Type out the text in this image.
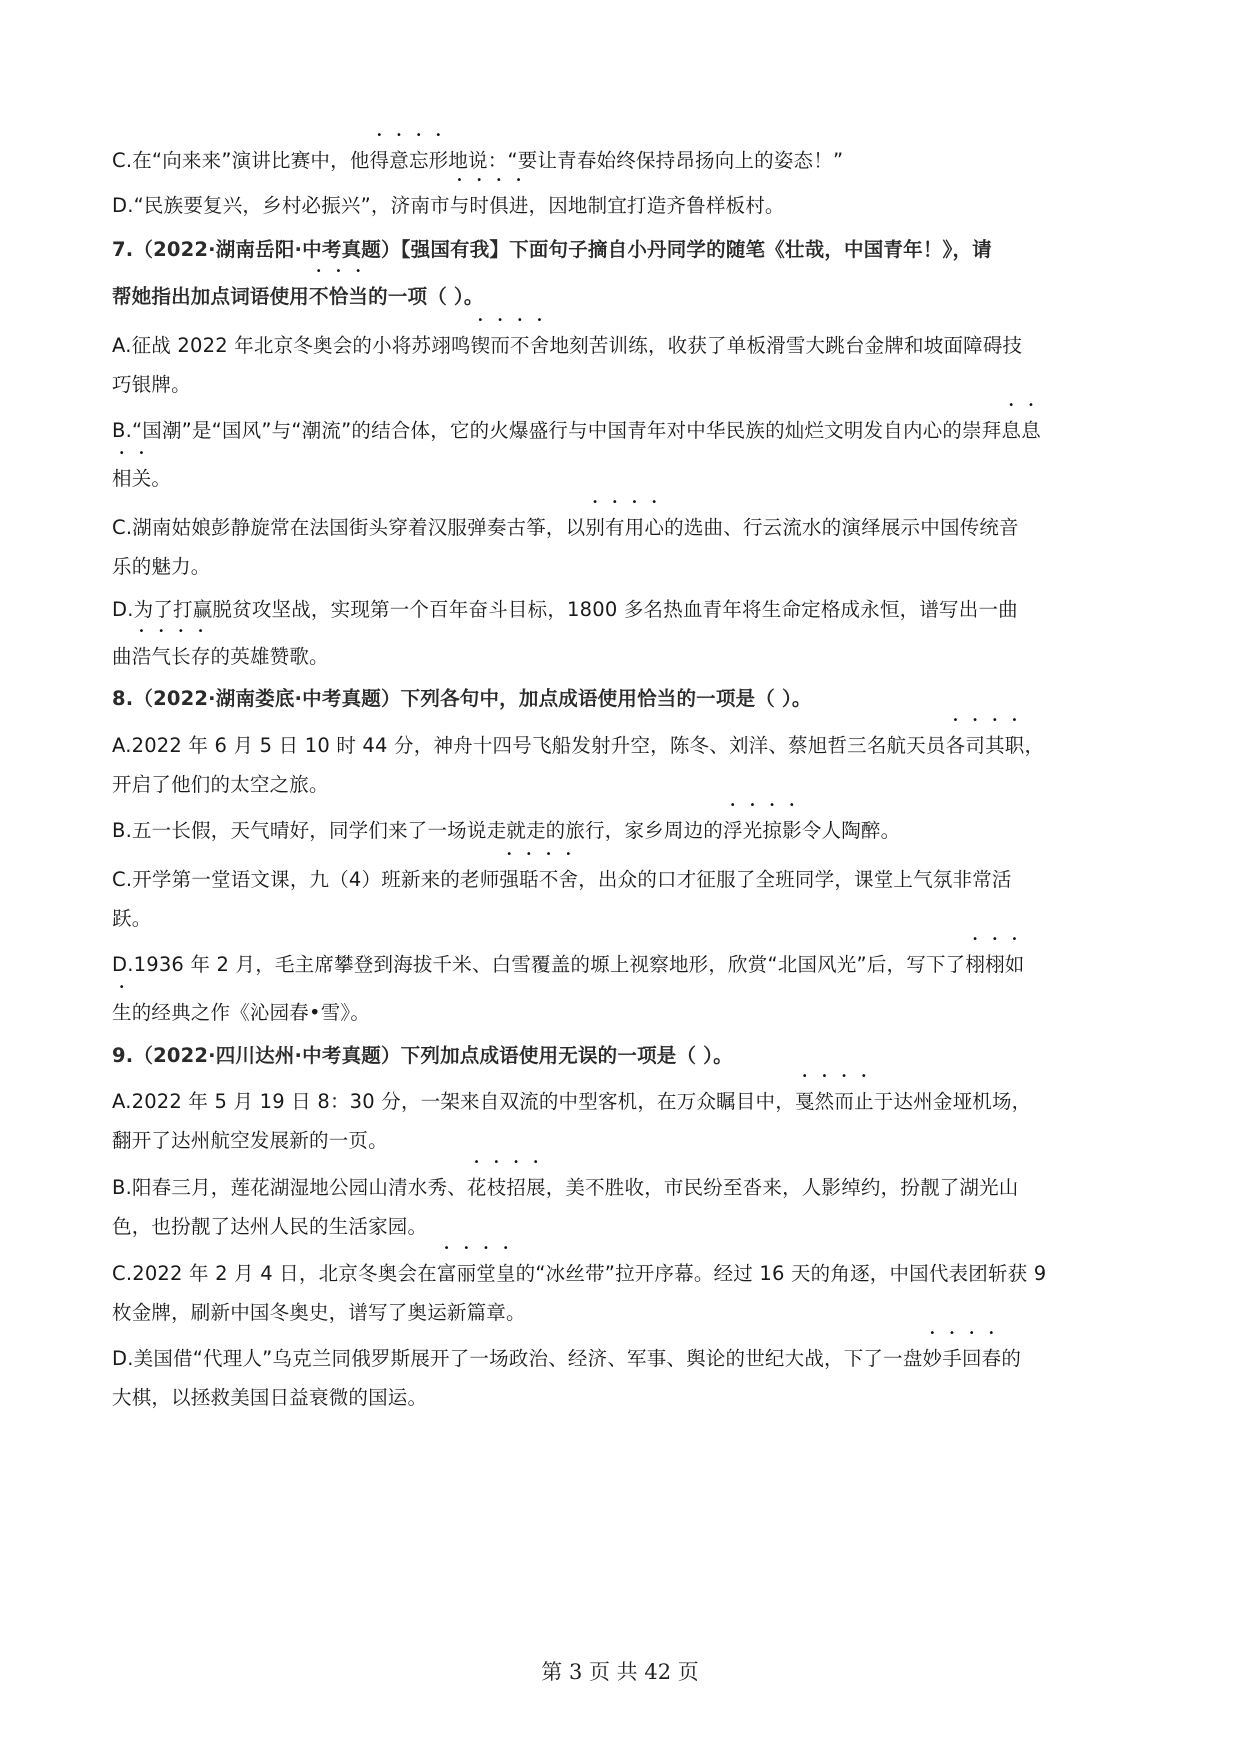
C.在“向来来”演讲比赛中，他得意忘形地说：“要让青春始终保持昂扬向上的姿态！”
D.“民族要复兴，乡村必振兴”，济南市与时俱进，因地制宜打造齐鲁样板村。
7.（2022·湖南岳阳·中考真题）【强国有我】下面句子摘自小丹同学的随笔《壮哉，中国青年！》，请
帮她指出加点词语使用不恰当的一项（ ）。
A.征战 2022 年北京冬奥会的小将苏翊鸣锲而不舍地刻苦训练，收获了单板滑雪大跳台金牌和坡面障碍技
巧银牌。
B.“国潮”是“国风”与“潮流”的结合体，它的火爆盛行与中国青年对中华民族的灿烂文明发自内心的崇拜息息
相关。
C.湖南姑娘彭静旋常在法国街头穿着汉服弹奏古筝，以别有用心的选曲、行云流水的演绎展示中国传统音
乐的魅力。
D.为了打赢脱贫攻坚战，实现第一个百年奋斗目标，1800 多名热血青年将生命定格成永恒，谱写出一曲
曲浩气长存的英雄赞歌。
8.（2022·湖南娄底·中考真题）下列各句中，加点成语使用恰当的一项是（ ）。
A.2022 年 6 月 5 日 10 时 44 分，神舟十四号飞船发射升空，陈冬、刘洋、蔡旭哲三名航天员各司其职，
开启了他们的太空之旅。
B.五一长假，天气晴好，同学们来了一场说走就走的旅行，家乡周边的浮光掠影令人陶醉。
C.开学第一堂语文课，九（4）班新来的老师强聒不舍，出众的口才征服了全班同学，课堂上气氛非常活
跃。
D.1936 年 2 月，毛主席攀登到海拔千米、白雪覆盖的塬上视察地形，欣赏“北国风光”后，写下了栩栩如
生的经典之作《沁园春•雪》。
9.（2022·四川达州·中考真题）下列加点成语使用无误的一项是（ ）。
A.2022 年 5 月 19 日 8：30 分，一架来自双流的中型客机，在万众瞩目中，戛然而止于达州金垭机场，
翻开了达州航空发展新的一页。
B.阳春三月，莲花湖湿地公园山清水秀、花枝招展，美不胜收，市民纷至沓来，人影绰约，扮靓了湖光山
色，也扮靓了达州人民的生活家园。
C.2022 年 2 月 4 日，北京冬奥会在富丽堂皇的“冰丝带”拉开序幕。经过 16 天的角逐，中国代表团斩获 9
枚金牌，刷新中国冬奥史，谱写了奥运新篇章。
D.美国借“代理人”乌克兰同俄罗斯展开了一场政治、经济、军事、舆论的世纪大战，下了一盘妙手回春的
大棋，以拯救美国日益衰微的国运。
第 3 页 共 42 页
